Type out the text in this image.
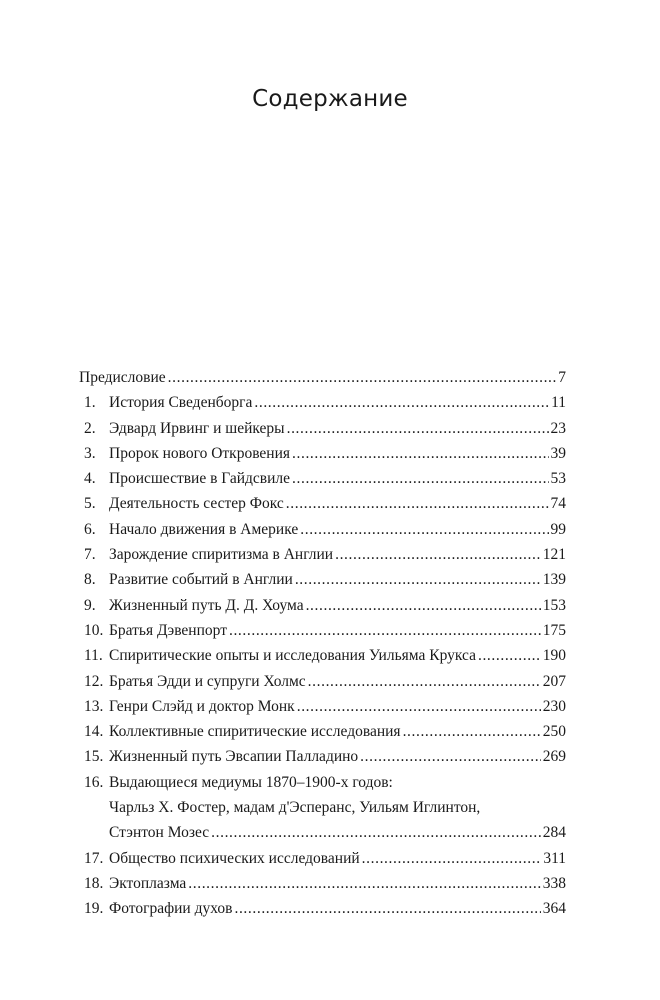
Содержание
Предисловие .....	7
1. История Сведенборга .....	11
2. Эдвард Ирвинг и шейкеры .....	23
3. Пророк нового Откровения .....	39
4. Происшествие в Гайдсвиле .....	53
5. Деятельность сестер Фокс .....	74
6. Начало движения в Америке .....	99
7. Зарождение спиритизма в Англии .....	121
8. Развитие событий в Англии .....	139
9. Жизненный путь Д. Д. Хоума .....	153
10. Братья Дэвенпорт .....	175
11. Спиритические опыты и исследования Уильяма Крукса .....	190
12. Братья Эдди и супруги Холмс .....	207
13. Генри Слэйд и доктор Монк .....	230
14. Коллективные спиритические исследования .....	250
15. Жизненный путь Эвсапии Палладино .....	269
16. Выдающиеся медиумы 1870–1900-х годов:
Чарльз Х. Фостер, мадам д'Эсперанс, Уильям Иглинтон,
Стэнтон Мозес .....	284
17. Общество психических исследований .....	311
18. Эктоплазма .....	338
19. Фотографии духов .....	364
